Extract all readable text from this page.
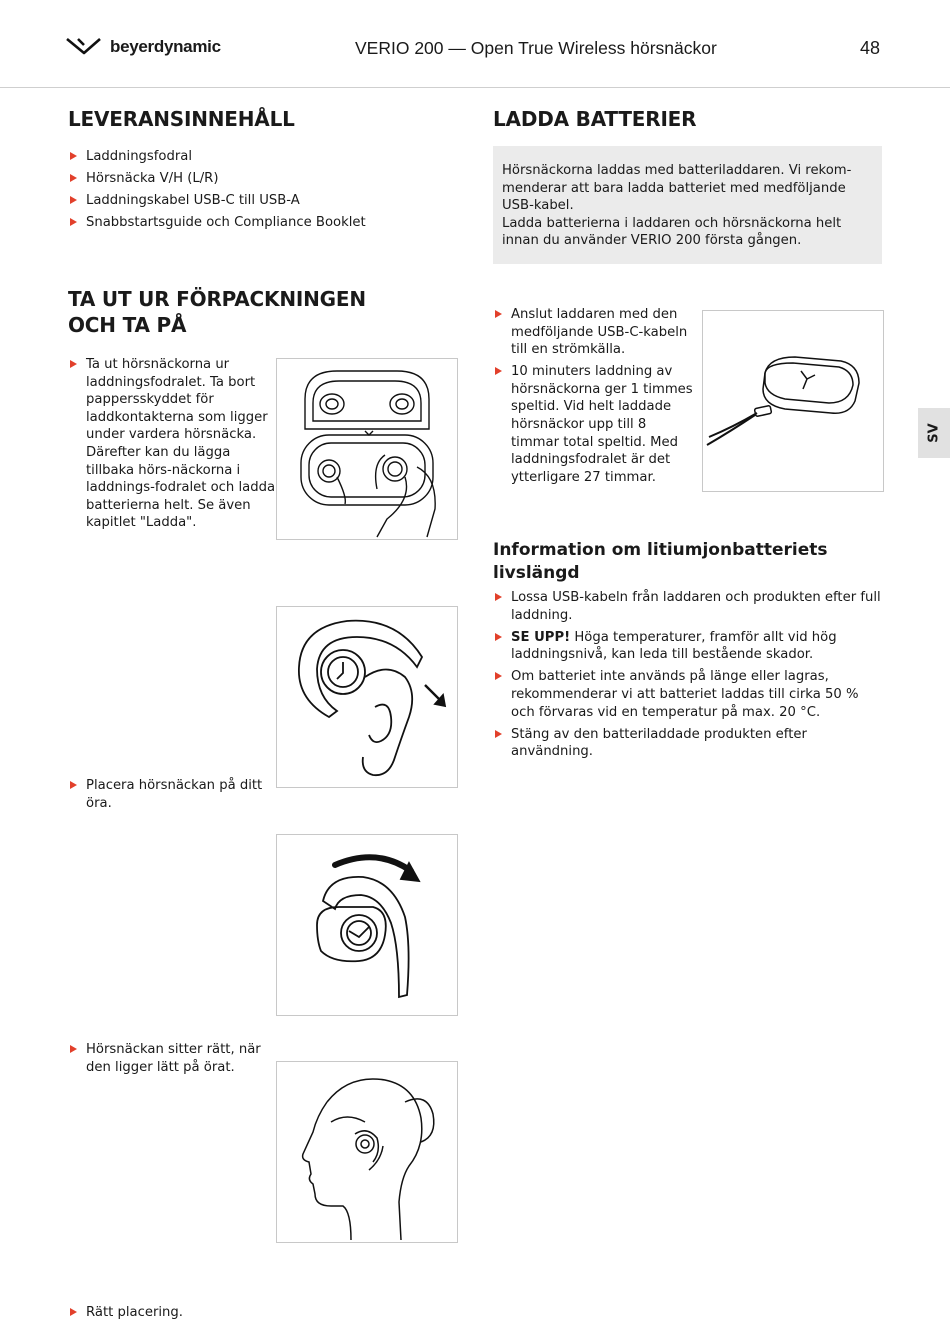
beyerdynamic	VERIO 200 — Open True Wireless hörsnäckor	48
SV
LEVERANSINNEHÅLL
Laddningsfodral
Hörsnäcka V/H (L/R)
Laddningskabel USB-C till USB-A
Snabbstartsguide och Compliance Booklet
TA UT UR FÖRPACKNINGEN
OCH TA PÅ
Ta ut hörsnäckorna ur laddningsfodralet. Ta bort pappersskyddet för laddkontakterna som ligger under vardera hörsnäcka. Därefter kan du lägga tillbaka hörs-näckorna i laddnings-fodralet och ladda batterierna helt. Se även kapitlet "Ladda".
Placera hörsnäckan på ditt öra.
Hörsnäckan sitter rätt, när den ligger lätt på örat.
Rätt placering.
LADDA BATTERIER

Hörsnäckorna laddas med batteriladdaren. Vi rekom-menderar att bara ladda batteriet med medföljande USB-kabel.

Ladda batterierna i laddaren och hörsnäckorna helt innan du använder VERIO 200 första gången.

Anslut laddaren med den medföljande USB-C-kabeln till en strömkälla.
10 minuters laddning av hörsnäckorna ger 1 timmes speltid. Vid helt laddade hörsnäckor upp till 8 timmar total speltid. Med laddningsfodralet är det ytterligare 27 timmar.
Information om litiumjonbatteriets
livslängd
Lossa USB-kabeln från laddaren och produkten efter full laddning.
SE UPP! Höga temperaturer, framför allt vid hög laddningsnivå, kan leda till bestående skador.
Om batteriet inte används på länge eller lagras, rekommenderar vi att batteriet laddas till cirka 50 % och förvaras vid en temperatur på max. 20 °C.
Stäng av den batteriladdade produkten efter användning.
